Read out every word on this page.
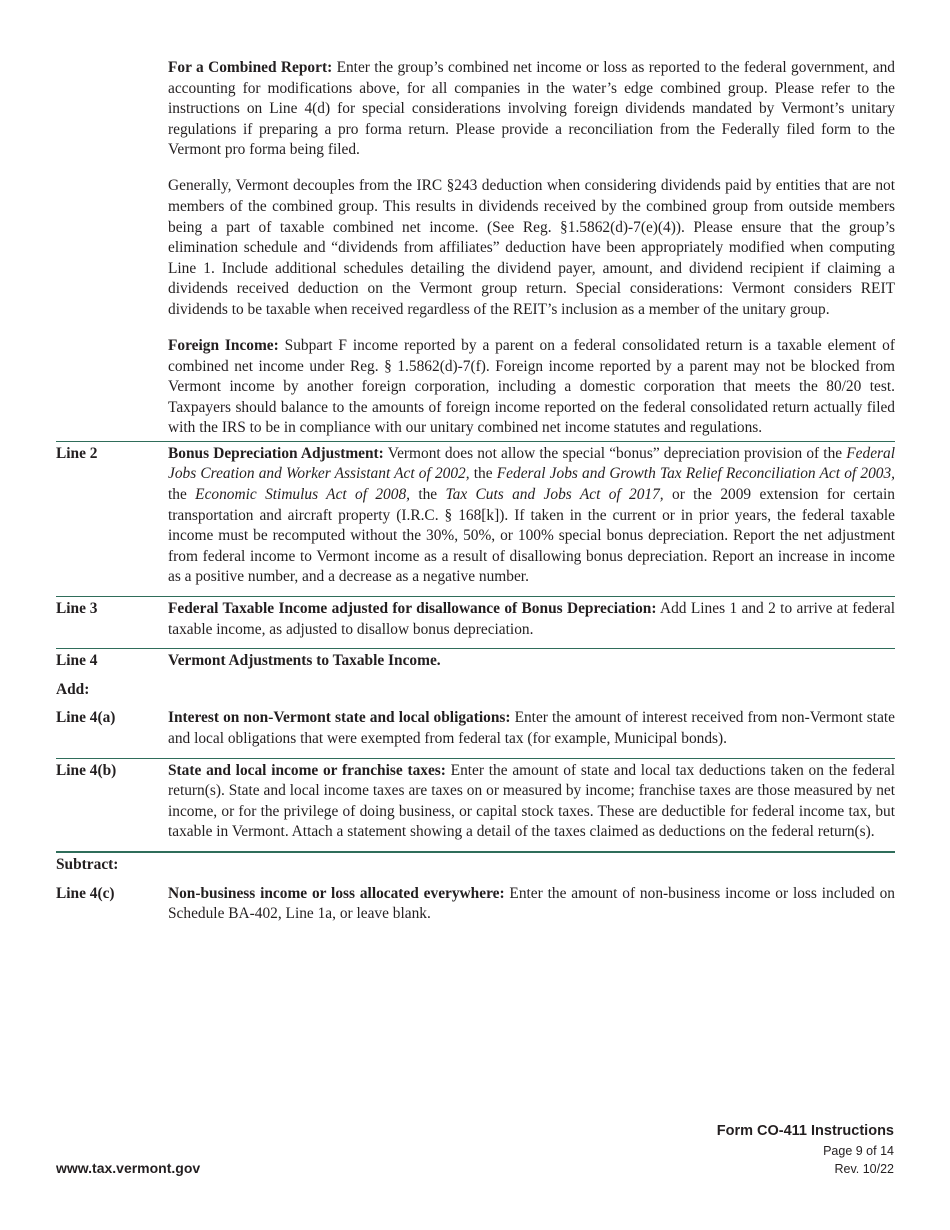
For a Combined Report: Enter the group’s combined net income or loss as reported to the federal government, and accounting for modifications above, for all companies in the water’s edge combined group. Please refer to the instructions on Line 4(d) for special considerations involving foreign dividends mandated by Vermont’s unitary regulations if preparing a pro forma return. Please provide a reconciliation from the Federally filed form to the Vermont pro forma being filed.

Generally, Vermont decouples from the IRC §243 deduction when considering dividends paid by entities that are not members of the combined group. This results in dividends received by the combined group from outside members being a part of taxable combined net income. (See Reg. §1.5862(d)-7(e)(4)). Please ensure that the group’s elimination schedule and “dividends from affiliates” deduction have been appropriately modified when computing Line 1. Include additional schedules detailing the dividend payer, amount, and dividend recipient if claiming a dividends received deduction on the Vermont group return. Special considerations: Vermont considers REIT dividends to be taxable when received regardless of the REIT’s inclusion as a member of the unitary group.

Foreign Income: Subpart F income reported by a parent on a federal consolidated return is a taxable element of combined net income under Reg. § 1.5862(d)-7(f). Foreign income reported by a parent may not be blocked from Vermont income by another foreign corporation, including a domestic corporation that meets the 80/20 test. Taxpayers should balance to the amounts of foreign income reported on the federal consolidated return actually filed with the IRS to be in compliance with our unitary combined net income statutes and regulations.

Line 2	Bonus Depreciation Adjustment: Vermont does not allow the special “bonus” depreciation provision of the Federal Jobs Creation and Worker Assistant Act of 2002, the Federal Jobs and Growth Tax Relief Reconciliation Act of 2003, the Economic Stimulus Act of 2008, the Tax Cuts and Jobs Act of 2017, or the 2009 extension for certain transportation and aircraft property (I.R.C. § 168[k]). If taken in the current or in prior years, the federal taxable income must be recomputed without the 30%, 50%, or 100% special bonus depreciation. Report the net adjustment from federal income to Vermont income as a result of disallowing bonus depreciation. Report an increase in income as a positive number, and a decrease as a negative number.
Line 3	Federal Taxable Income adjusted for disallowance of Bonus Depreciation: Add Lines 1 and 2 to arrive at federal taxable income, as adjusted to disallow bonus depreciation.
Line 4	Vermont Adjustments to Taxable Income.
Add:
Line 4(a)	Interest on non-Vermont state and local obligations: Enter the amount of interest received from non-Vermont state and local obligations that were exempted from federal tax (for example, Municipal bonds).
Line 4(b)	State and local income or franchise taxes: Enter the amount of state and local tax deductions taken on the federal return(s). State and local income taxes are taxes on or measured by income; franchise taxes are those measured by net income, or for the privilege of doing business, or capital stock taxes. These are deductible for federal income tax, but taxable in Vermont. Attach a statement showing a detail of the taxes claimed as deductions on the federal return(s).
Subtract:
Line 4(c)	Non-business income or loss allocated everywhere: Enter the amount of non-business income or loss included on Schedule BA-402, Line 1a, or leave blank.
Form CO-411 Instructions
Page 9 of 14
Rev. 10/22
www.tax.vermont.gov
